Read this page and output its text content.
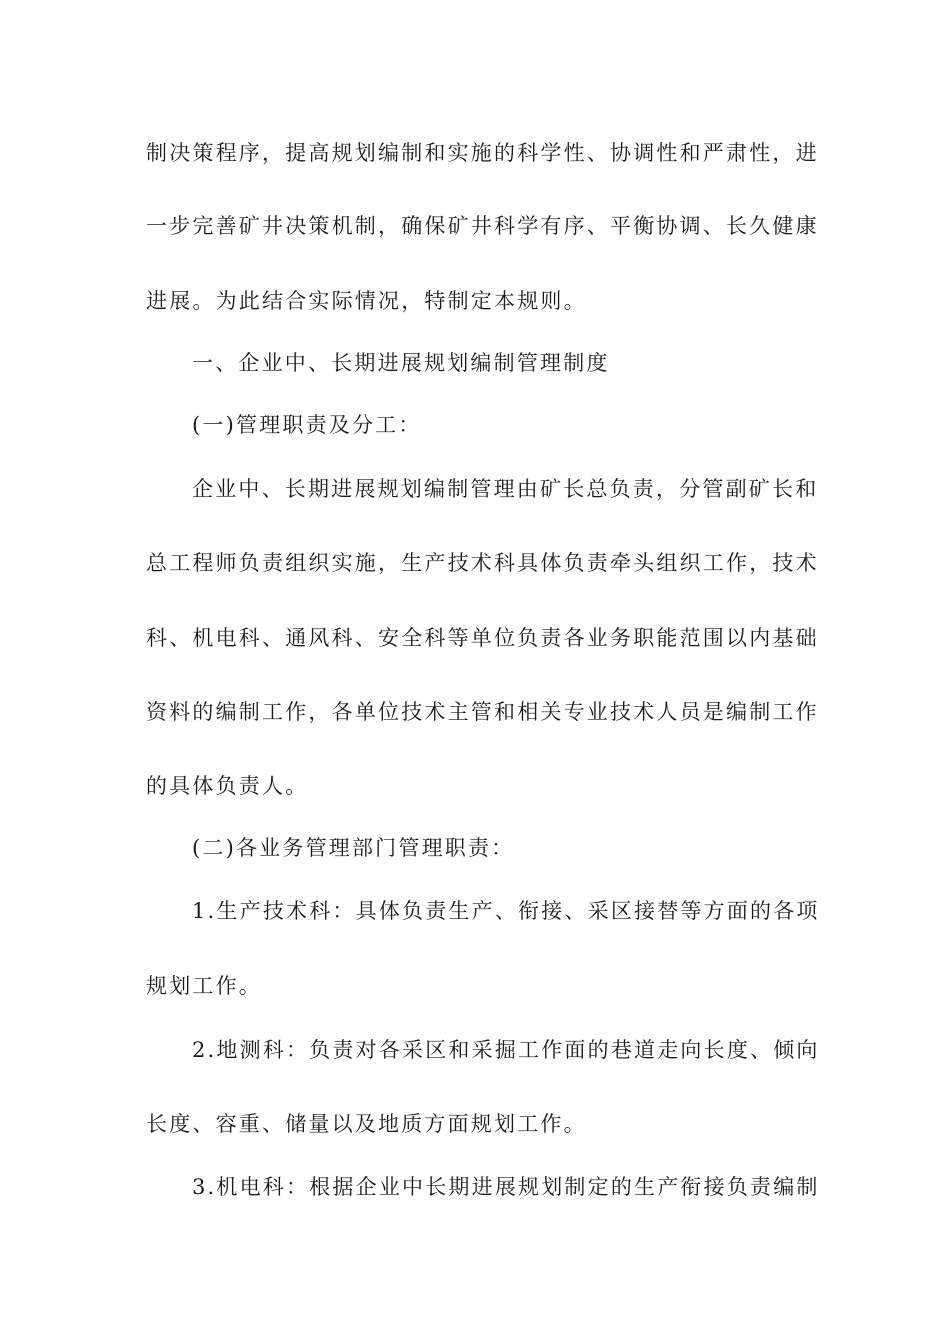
制决策程序，提高规划编制和实施的科学性、协调性和严肃性，进
一步完善矿井决策机制，确保矿井科学有序、平衡协调、长久健康
进展。为此结合实际情况，特制定本规则。
一、企业中、长期进展规划编制管理制度
(一)管理职责及分工：
企业中、长期进展规划编制管理由矿长总负责，分管副矿长和
总工程师负责组织实施，生产技术科具体负责牵头组织工作，技术
科、机电科、通风科、安全科等单位负责各业务职能范围以内基础
资料的编制工作，各单位技术主管和相关专业技术人员是编制工作
的具体负责人。
(二)各业务管理部门管理职责：
1.生产技术科：具体负责生产、衔接、采区接替等方面的各项
规划工作。
2.地测科：负责对各采区和采掘工作面的巷道走向长度、倾向
长度、容重、储量以及地质方面规划工作。
3.机电科：根据企业中长期进展规划制定的生产衔接负责编制
